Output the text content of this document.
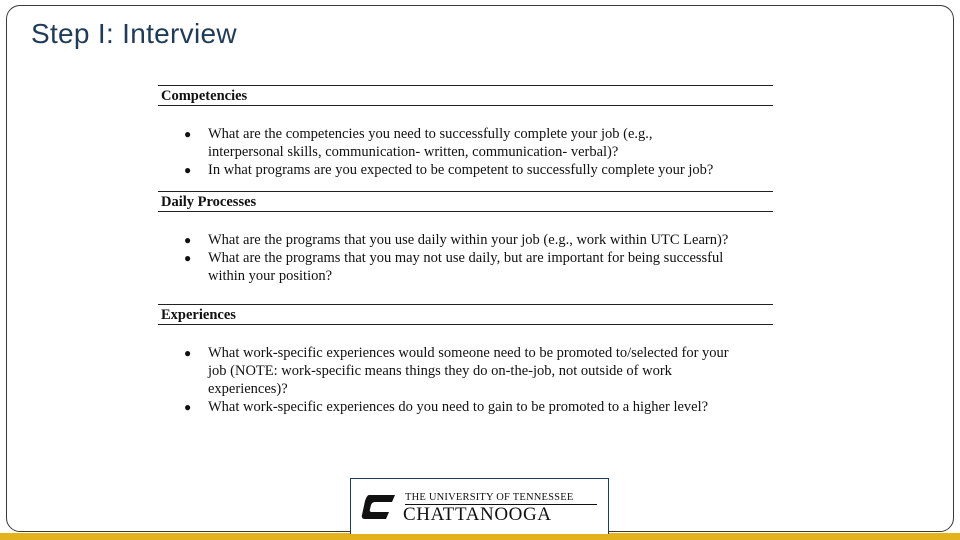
Step I: Interview
Competencies
● What are the competencies you need to successfully complete your job (e.g.,
interpersonal skills, communication- written, communication- verbal)?
● In what programs are you expected to be competent to successfully complete your job?
Daily Processes
● What are the programs that you use daily within your job (e.g., work within UTC Learn)?
● What are the programs that you may not use daily, but are important for being successful
within your position?
Experiences
● What work-specific experiences would someone need to be promoted to/selected for your
job (NOTE: work-specific means things they do on-the-job, not outside of work
experiences)?
● What work-specific experiences do you need to gain to be promoted to a higher level?
THE UNIVERSITY OF TENNESSEE
CHATTANOOGA
